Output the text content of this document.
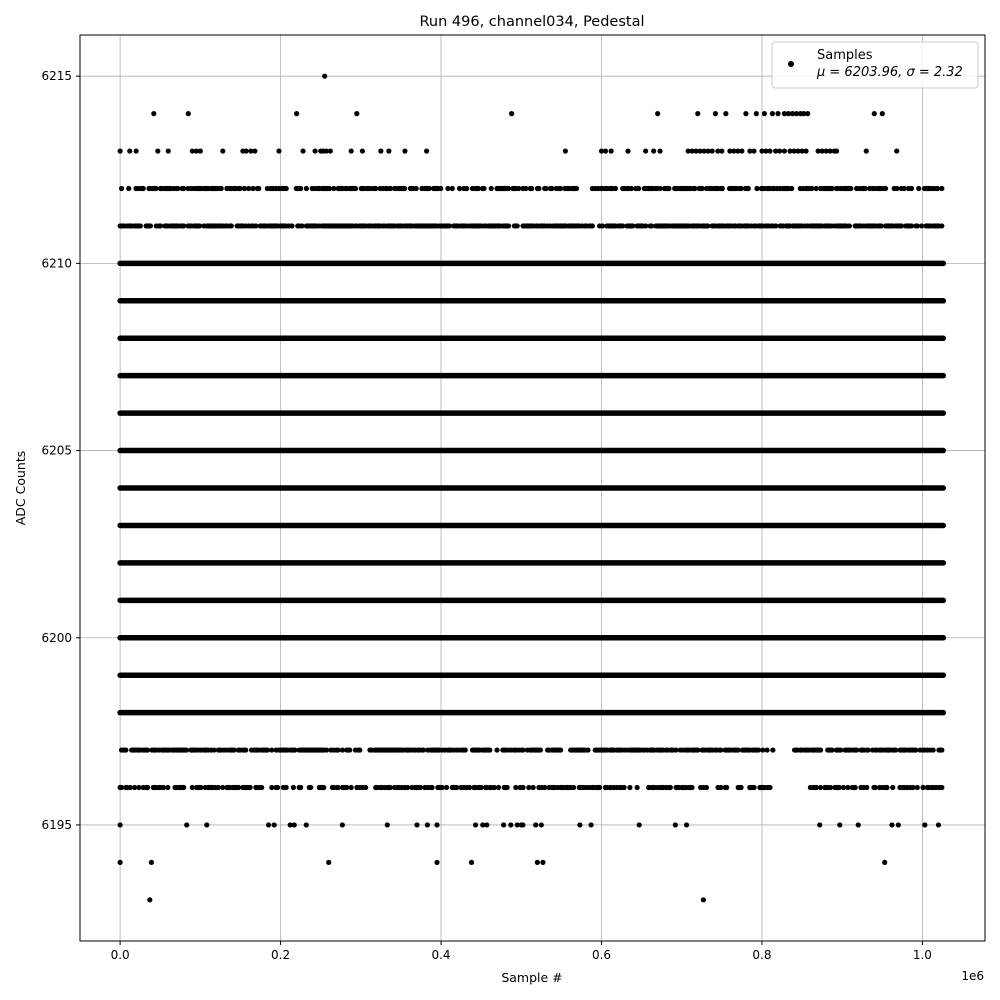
0.0	0.2	0.4	0.6	0.8	1.0
6195
6200
6205
6210
6215
Run 496, channel034, Pedestal
Sample #
ADC Counts
1e6
Samples
μ = 6203.96, σ = 2.32
